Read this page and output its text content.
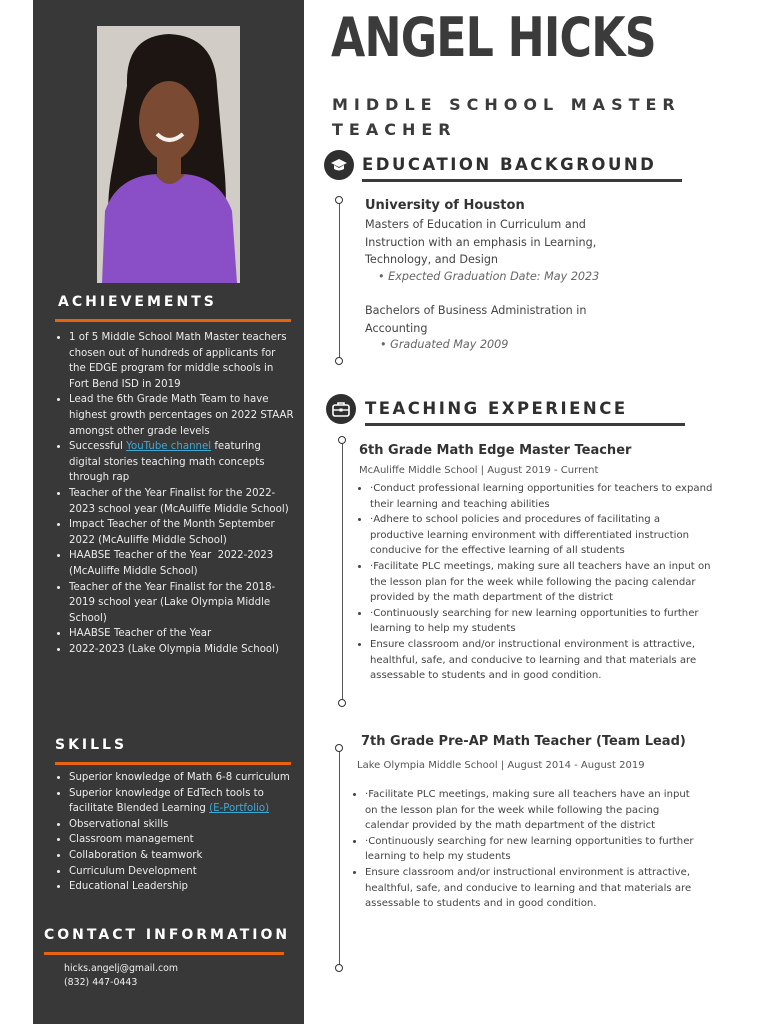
ACHIEVEMENTS
• 1 of 5 Middle School Math Master teachers chosen out of hundreds of applicants for the EDGE program for middle schools in Fort Bend ISD in 2019
• Lead the 6th Grade Math Team to have highest growth percentages on 2022 STAAR amongst other grade levels
• Successful YouTube channel featuring digital stories teaching math concepts through rap
• Teacher of the Year Finalist for the 2022-2023 school year (McAuliffe Middle School)
• Impact Teacher of the Month September 2022 (McAuliffe Middle School)
• HAABSE Teacher of the Year  2022-2023 (McAuliffe Middle School)
• Teacher of the Year Finalist for the 2018-2019 school year (Lake Olympia Middle School)
• HAABSE Teacher of the Year
• 2022-2023 (Lake Olympia Middle School)
SKILLS
• Superior knowledge of Math 6-8 curriculum
• Superior knowledge of EdTech tools to facilitate Blended Learning (E-Portfolio)
• Observational skills
• Classroom management
• Collaboration & teamwork
• Curriculum Development
• Educational Leadership
CONTACT INFORMATION
hicks.angelj@gmail.com
(832) 447-0443
ANGEL HICKS
MIDDLE SCHOOL MASTER TEACHER
EDUCATION BACKGROUND

University of Houston

Masters of Education in Curriculum and Instruction with an emphasis in Learning, Technology, and Design

• Expected Graduation Date: May 2023

Bachelors of Business Administration in Accounting

• Graduated May 2009

TEACHING EXPERIENCE

6th Grade Math Edge Master Teacher

McAuliffe Middle School | August 2019 - Current

• ·Conduct professional learning opportunities for teachers to expand their learning and teaching abilities
• ·Adhere to school policies and procedures of facilitating a productive learning environment with differentiated instruction conducive for the effective learning of all students
• ·Facilitate PLC meetings, making sure all teachers have an input on the lesson plan for the week while following the pacing calendar provided by the math department of the district
• ·Continuously searching for new learning opportunities to further learning to help my students
• Ensure classroom and/or instructional environment is attractive, healthful, safe, and conducive to learning and that materials are assessable to students and in good condition.

7th Grade Pre-AP Math Teacher (Team Lead)

Lake Olympia Middle School | August 2014 - August 2019

• ·Facilitate PLC meetings, making sure all teachers have an input on the lesson plan for the week while following the pacing calendar provided by the math department of the district
• ·Continuously searching for new learning opportunities to further learning to help my students
• Ensure classroom and/or instructional environment is attractive, healthful, safe, and conducive to learning and that materials are assessable to students and in good condition.
